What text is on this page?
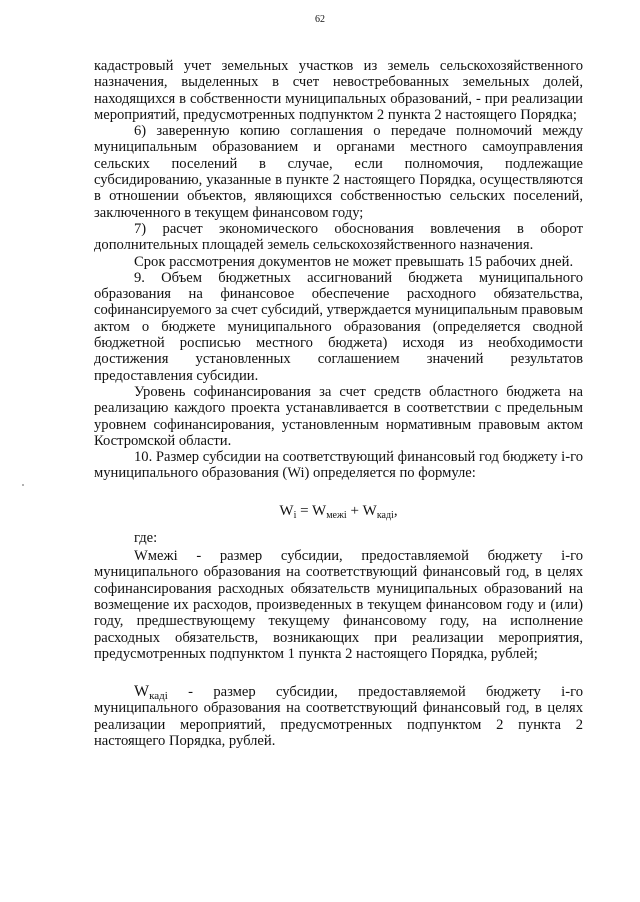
62

кадастровый учет земельных участков из земель сельскохозяйственного назначения, выделенных в счет невостребованных земельных долей, находящихся в собственности муниципальных образований, - при реализации мероприятий, предусмотренных подпунктом 2 пункта 2 настоящего Порядка;

6) заверенную копию соглашения о передаче полномочий между муниципальным образованием и органами местного самоуправления сельских поселений в случае, если полномочия, подлежащие субсидированию, указанные в пункте 2 настоящего Порядка, осуществляются в отношении объектов, являющихся собственностью сельских поселений, заключенного в текущем финансовом году;

7) расчет экономического обоснования вовлечения в оборот дополнительных площадей земель сельскохозяйственного назначения.

Срок рассмотрения документов не может превышать 15 рабочих дней.

9. Объем бюджетных ассигнований бюджета муниципального образования на финансовое обеспечение расходного обязательства, софинансируемого за счет субсидий, утверждается муниципальным правовым актом о бюджете муниципального образования (определяется сводной бюджетной росписью местного бюджета) исходя из необходимости достижения установленных соглашением значений результатов предоставления субсидии.

Уровень софинансирования за счет средств областного бюджета на реализацию каждого проекта устанавливается в соответствии с предельным уровнем софинансирования, установленным нормативным правовым актом Костромской области.

10. Размер субсидии на соответствующий финансовый год бюджету i-го муниципального образования (Wi) определяется по формуле:

$W_i = W_{межі} + W_{каді}$,

где:

Wмежі - размер субсидии, предоставляемой бюджету i-го муниципального образования на соответствующий финансовый год, в целях софинансирования расходных обязательств муниципальных образований на возмещение их расходов, произведенных в текущем финансовом году и (или) году, предшествующему текущему финансовому году, на исполнение расходных обязательств, возникающих при реализации мероприятия, предусмотренных подпунктом 1 пункта 2 настоящего Порядка, рублей;

$W_{каді}$ - размер субсидии, предоставляемой бюджету i-го муниципального образования на соответствующий финансовый год, в целях реализации мероприятий, предусмотренных подпунктом 2 пункта 2 настоящего Порядка, рублей.
